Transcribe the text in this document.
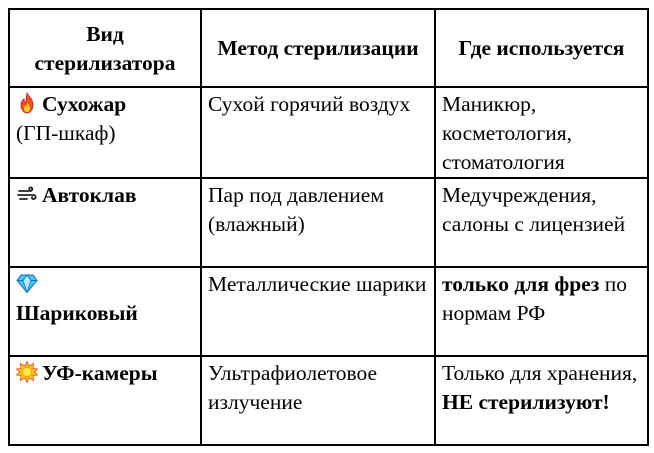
Вид стерилизатора	Метод стерилизации	Где используется

Сухожар
(ГП-шкаф)	Сухой горячий воздух	Маникюр, косметология, стоматология

Автоклав	Пар под давлением (влажный)	Медучреждения, салоны с лицензией

Шариковый	Металлические шарики	только для фрез по нормам РФ

УФ-камеры	Ультрафиолетовое излучение	Только для хранения, НЕ стерилизуют!
